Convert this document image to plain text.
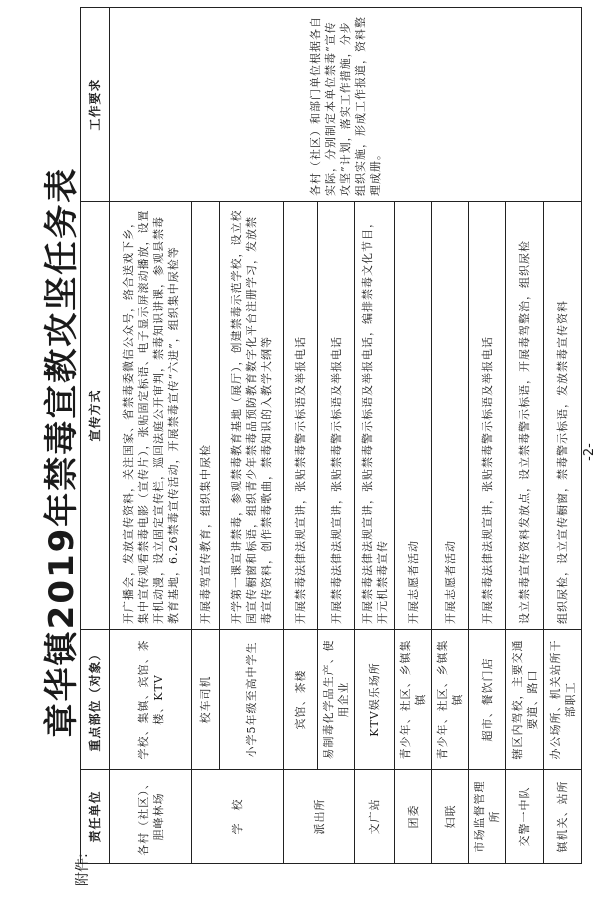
附件:
章华镇2019年禁毒宣教攻坚任务表
责任单位	重点部位（对象）	宣传方式	工作要求
各村（社区）、胆峰林场	学校、集镇、宾馆、茶楼、KTV	开广播会，发放宣传资料，关注国家、省禁毒委微信公众号，络合送戏下乡，集中宣传观看禁毒电影（宣传片），张贴固定标语、电子显示屏滚动播放，设置开机动漫，设立固定宣传栏，巡回法庭公开审判，禁毒知识讲课，参观县禁毒教育基地，6.26禁毒宣传活动，开展禁毒宣传“六进”，组织集中尿检等	各村（社区）和部门单位根据各自实际，分别制定本单位禁毒“宣传攻坚”计划，落实工作措施，分步组织实施，形成工作报道，资料整理成册。
学　校	校车司机	开展毒驾宣传教育，组织集中尿检	
	小学5年级至高中学生	开学第一课宣讲禁毒，参观禁毒教育基地（展厅），创建禁毒示范学校，设立校园宣传橱窗和标语，组织青少年禁毒品预防教育数字化平台注册学习，发放禁毒宣传资料，创作禁毒歌曲，禁毒知识的入教学大纲等	
派出所	宾馆、茶楼	开展禁毒法律法规宣讲，张贴禁毒警示标语及举报电话	
	易制毒化学品生产、使用企业	开展禁毒法律法规宣讲，张贴禁毒警示标语及举报电话	
文广站	KTV娱乐场所	开展禁毒法律法规宣讲，张贴禁毒警示标语及举报电话，编排禁毒文化节目，开元机禁毒宣传	
团委	青少年、社区、乡镇集镇	开展志愿者活动	
妇联	青少年、社区、乡镇集镇	开展志愿者活动	
市场监督管理所	超市、餐饮门店	开展禁毒法律法规宣讲，张贴禁毒警示标语及举报电话	
交警一中队	辖区内驾校，主要交通要道、路口	设立禁毒宣传资料发放点，设立禁毒警示标语，开展毒驾整治，组织尿检	
镇机关、站所	办公场所、机关站所干部职工	组织尿检，设立宣传橱窗，禁毒警示标语，发放禁毒宣传资料	-2-
